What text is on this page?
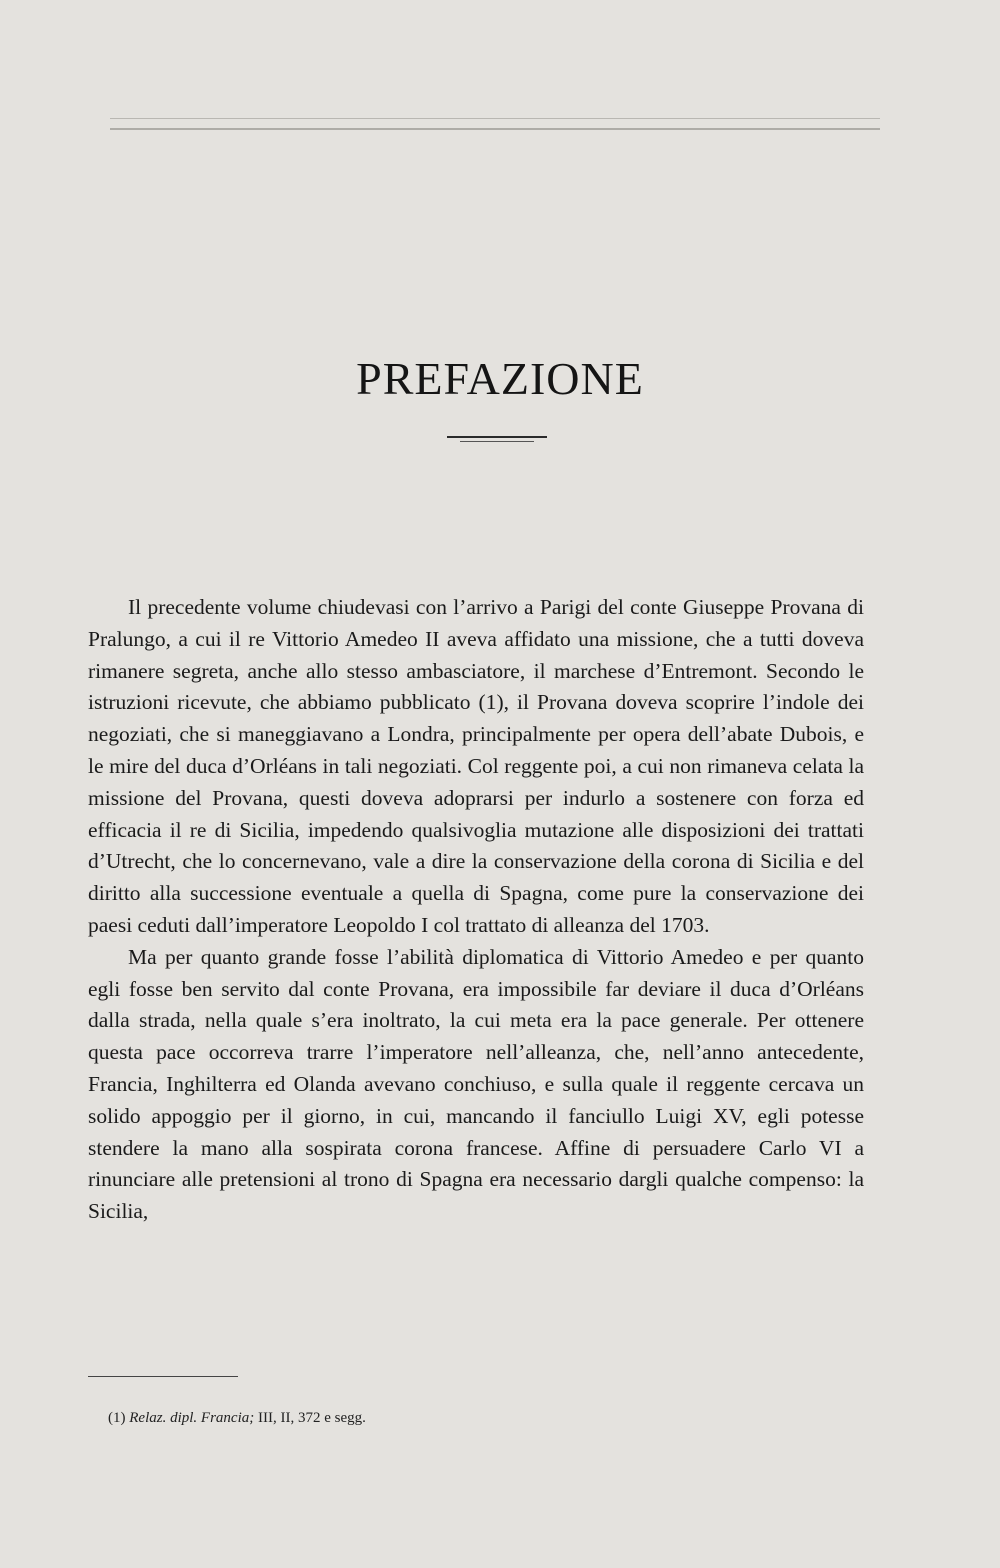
PREFAZIONE

Il precedente volume chiudevasi con l’arrivo a Parigi del conte Giuseppe Provana di Pralungo, a cui il re Vittorio Amedeo II aveva affidato una missione, che a tutti doveva rimanere segreta, anche allo stesso ambasciatore, il marchese d’Entremont. Secondo le istruzioni ricevute, che abbiamo pubblicato (1), il Provana doveva scoprire l’indole dei negoziati, che si maneggiavano a Londra, principalmente per opera dell’abate Dubois, e le mire del duca d’Orléans in tali negoziati. Col reggente poi, a cui non rimaneva celata la missione del Provana, questi doveva adoprarsi per indurlo a sostenere con forza ed efficacia il re di Sicilia, impedendo qualsivoglia mutazione alle disposizioni dei trattati d’Utrecht, che lo concernevano, vale a dire la conservazione della corona di Sicilia e del diritto alla successione eventuale a quella di Spagna, come pure la conservazione dei paesi ceduti dall’imperatore Leopoldo I col trattato di alleanza del 1703.

Ma per quanto grande fosse l’abilità diplomatica di Vittorio Amedeo e per quanto egli fosse ben servito dal conte Provana, era impossibile far deviare il duca d’Orléans dalla strada, nella quale s’era inoltrato, la cui meta era la pace generale. Per ottenere questa pace occorreva trarre l’imperatore nell’alleanza, che, nell’anno antecedente, Francia, Inghilterra ed Olanda avevano conchiuso, e sulla quale il reggente cercava un solido appoggio per il giorno, in cui, mancando il fanciullo Luigi XV, egli potesse stendere la mano alla sospirata corona francese. Affine di persuadere Carlo VI a rinunciare alle pretensioni al trono di Spagna era necessario dargli qualche compenso: la Sicilia,

(1) Relaz. dipl. Francia; III, II, 372 e segg.
